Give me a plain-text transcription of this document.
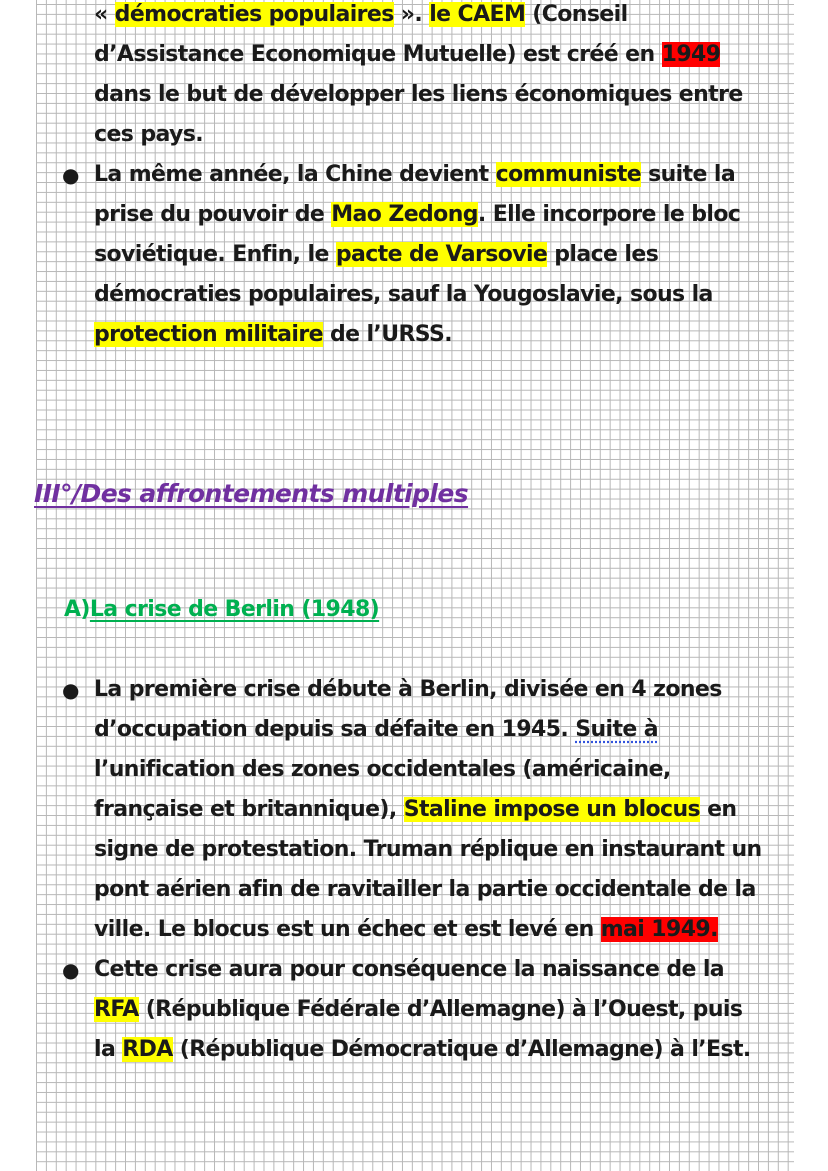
« démocraties populaires ». le CAEM (Conseil

d’Assistance Economique Mutuelle) est créé en 1949

dans le but de développer les liens économiques entre

ces pays.

● La même année, la Chine devient communiste suite la

prise du pouvoir de Mao Zedong. Elle incorpore le bloc

soviétique. Enfin, le pacte de Varsovie place les

démocraties populaires, sauf la Yougoslavie, sous la

protection militaire de l’URSS.

III°/Des affrontements multiples
A)La crise de Berlin (1948)
● La première crise débute à Berlin, divisée en 4 zones

d’occupation depuis sa défaite en 1945. Suite à

l’unification des zones occidentales (américaine,

française et britannique), Staline impose un blocus en

signe de protestation. Truman réplique en instaurant un

pont aérien afin de ravitailler la partie occidentale de la

ville. Le blocus est un échec et est levé en mai 1949.

● Cette crise aura pour conséquence la naissance de la

RFA (République Fédérale d’Allemagne) à l’Ouest, puis

la RDA (République Démocratique d’Allemagne) à l’Est.
